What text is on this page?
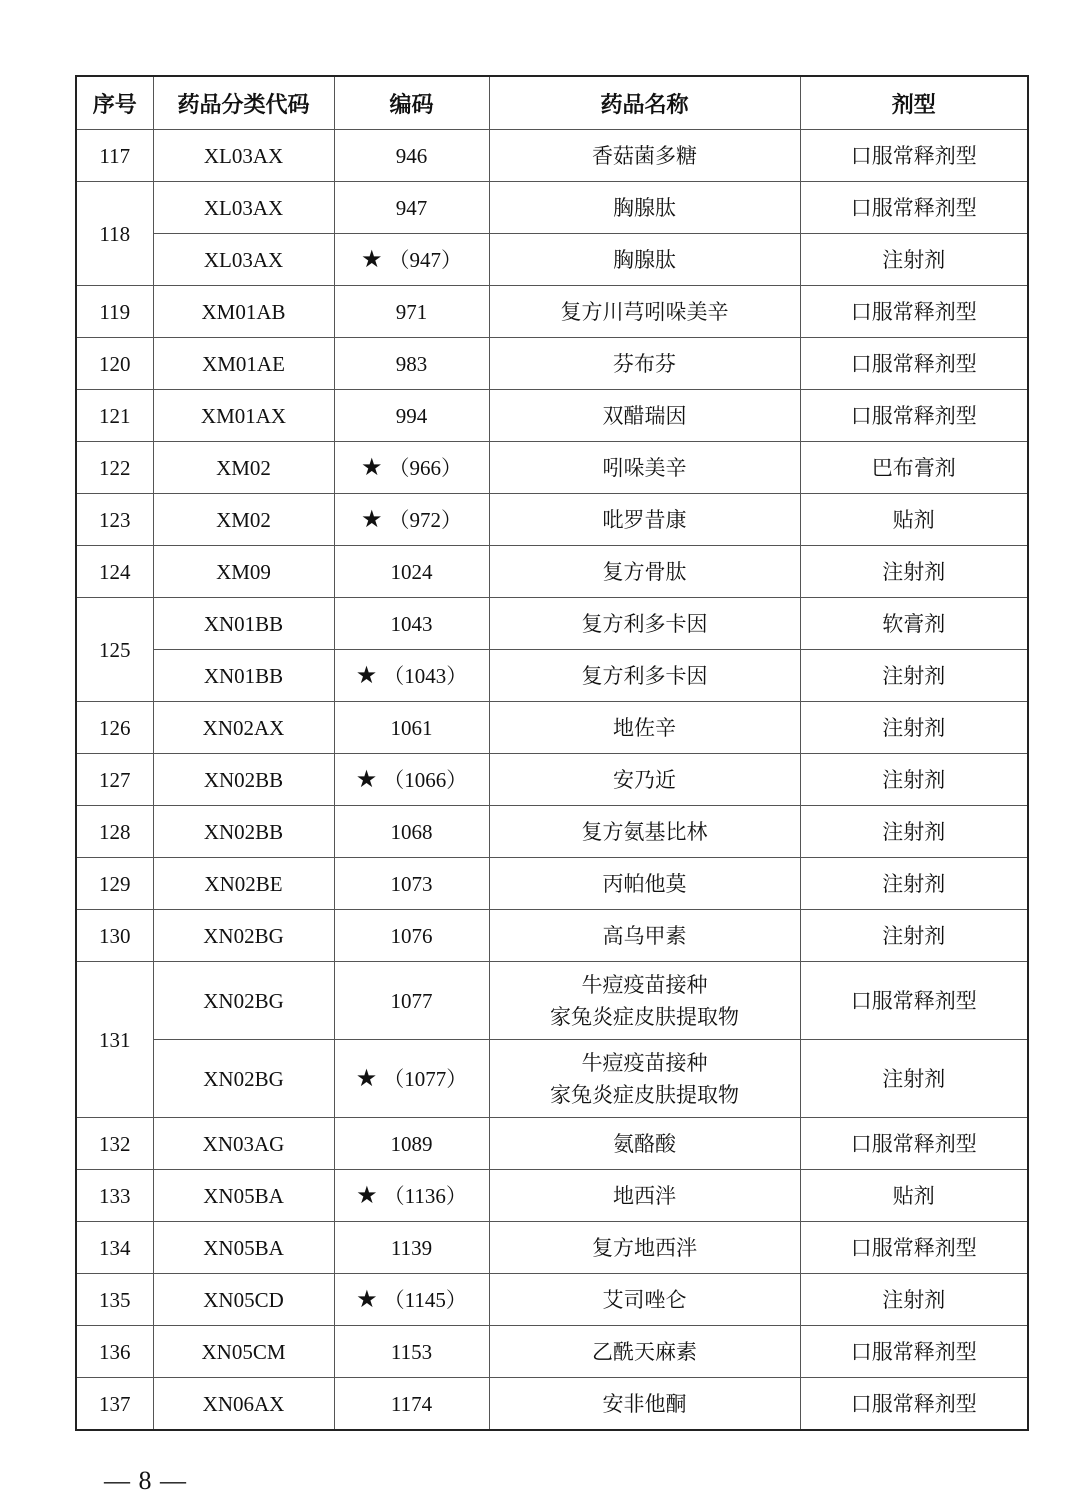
序号	药品分类代码	编码	药品名称	剂型
117	XL03AX	946	香菇菌多糖	口服常释剂型
118	XL03AX	947	胸腺肽	口服常释剂型
	XL03AX	★ （947）	胸腺肽	注射剂
119	XM01AB	971	复方川芎吲哚美辛	口服常释剂型
120	XM01AE	983	芬布芬	口服常释剂型
121	XM01AX	994	双醋瑞因	口服常释剂型
122	XM02	★ （966）	吲哚美辛	巴布膏剂
123	XM02	★ （972）	吡罗昔康	贴剂
124	XM09	1024	复方骨肽	注射剂
125	XN01BB	1043	复方利多卡因	软膏剂
	XN01BB	★ （1043）	复方利多卡因	注射剂
126	XN02AX	1061	地佐辛	注射剂
127	XN02BB	★ （1066）	安乃近	注射剂
128	XN02BB	1068	复方氨基比林	注射剂
129	XN02BE	1073	丙帕他莫	注射剂
130	XN02BG	1076	高乌甲素	注射剂
131	XN02BG	1077	牛痘疫苗接种
家兔炎症皮肤提取物	口服常释剂型
	XN02BG	★ （1077）	牛痘疫苗接种
家兔炎症皮肤提取物	注射剂
132	XN03AG	1089	氨酪酸	口服常释剂型
133	XN05BA	★ （1136）	地西泮	贴剂
134	XN05BA	1139	复方地西泮	口服常释剂型
135	XN05CD	★ （1145）	艾司唑仑	注射剂
136	XN05CM	1153	乙酰天麻素	口服常释剂型
137	XN06AX	1174	安非他酮	口服常释剂型
— 8 —
